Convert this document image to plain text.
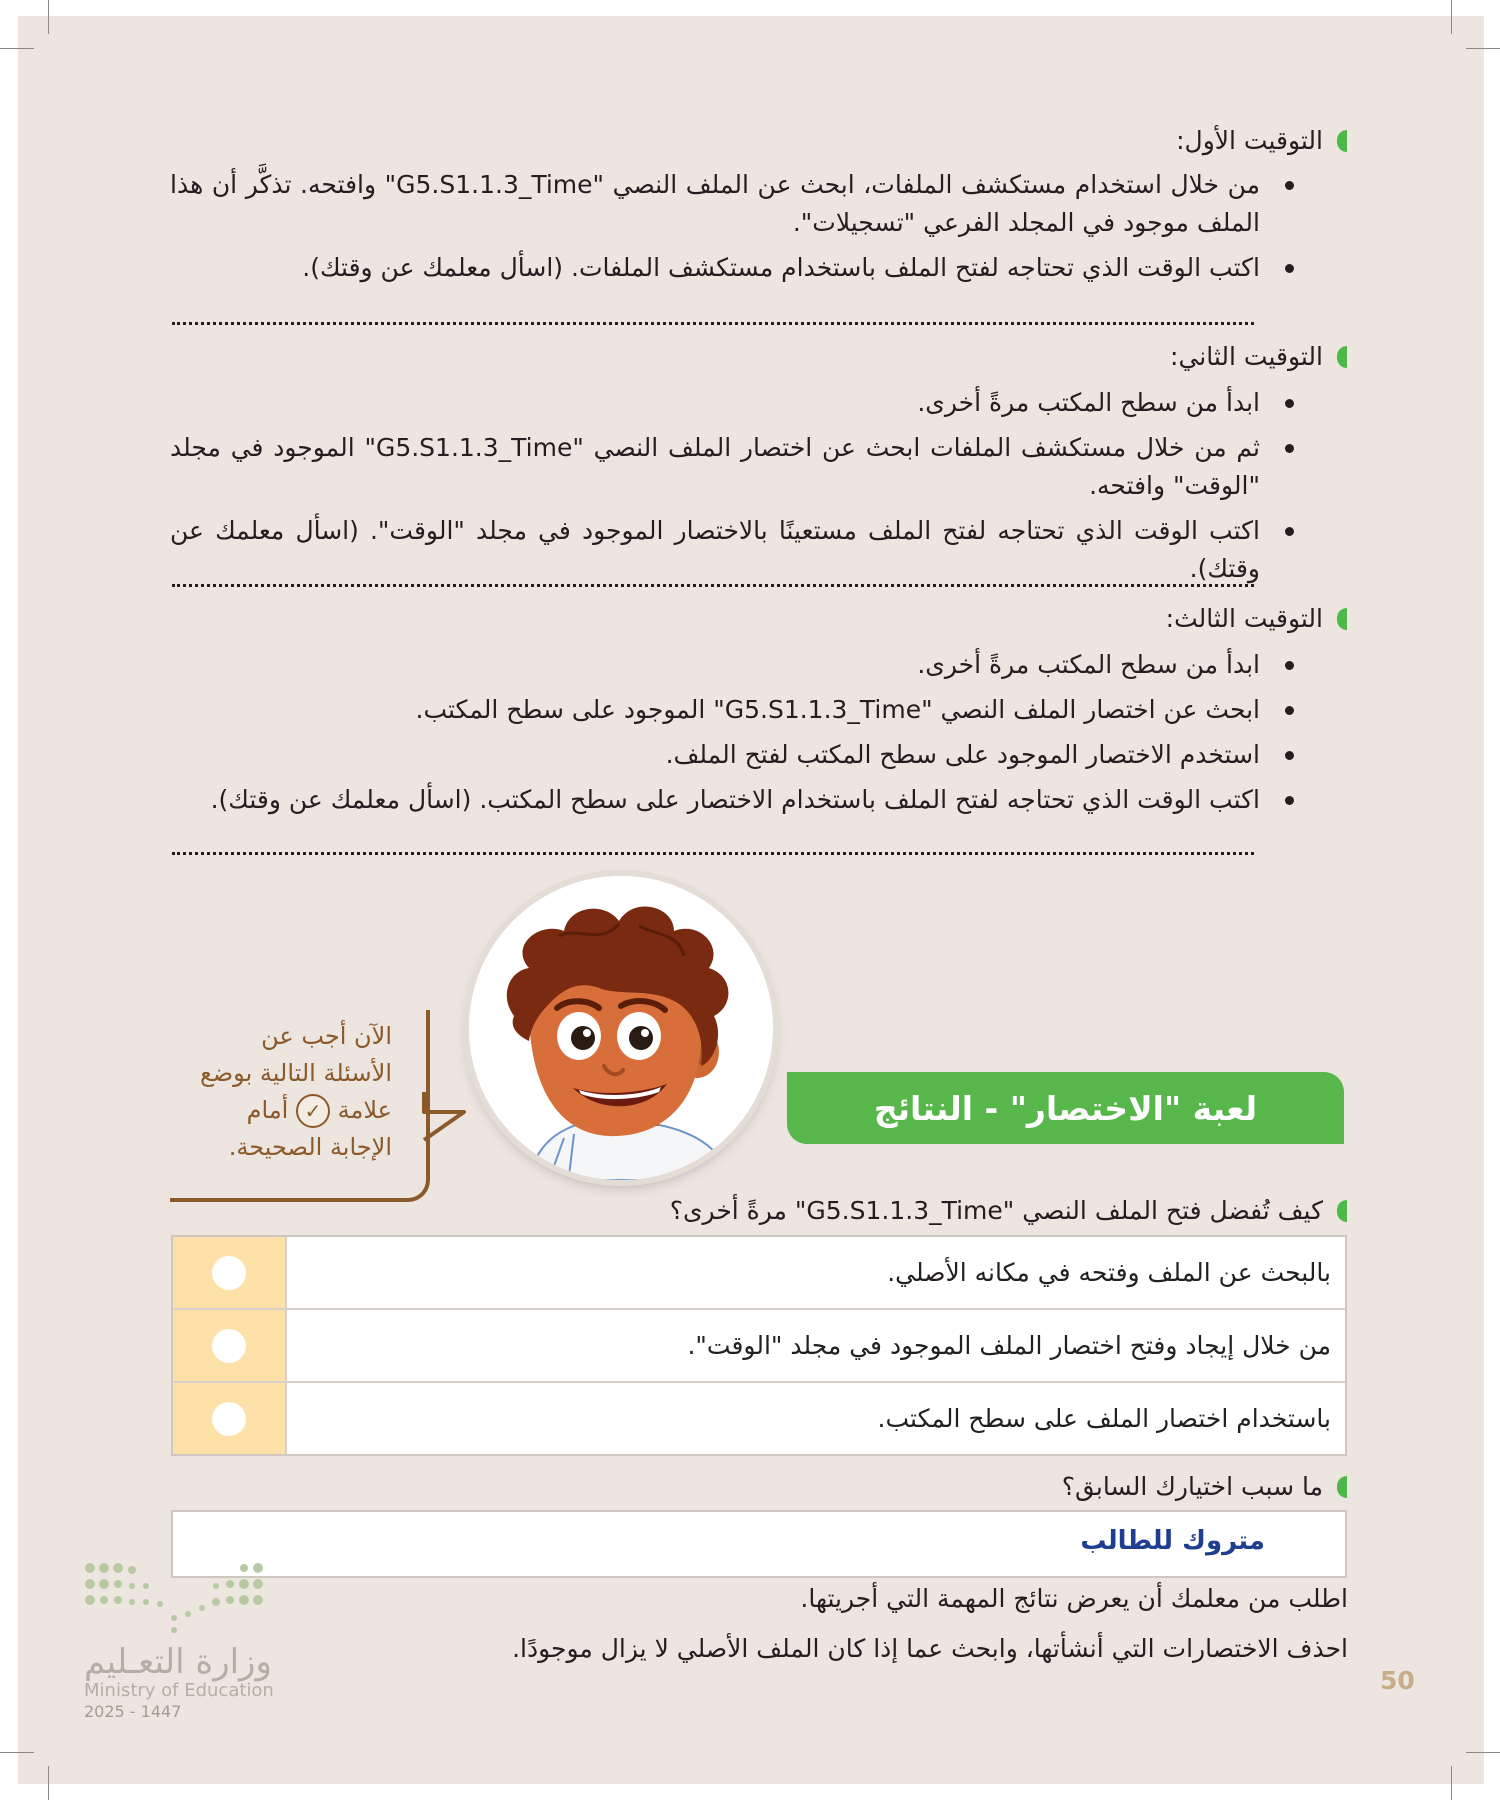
التوقيت الأول:
من خلال استخدام مستكشف الملفات، ابحث عن الملف النصي "G5.S1.1.3_Time" وافتحه. تذكَّر أن هذا الملف موجود في المجلد الفرعي "تسجيلات".
اكتب الوقت الذي تحتاجه لفتح الملف باستخدام مستكشف الملفات. (اسأل معلمك عن وقتك).
التوقيت الثاني:
ابدأ من سطح المكتب مرةً أخرى.
ثم من خلال مستكشف الملفات ابحث عن اختصار الملف النصي "G5.S1.1.3_Time" الموجود في مجلد "الوقت" وافتحه.
اكتب الوقت الذي تحتاجه لفتح الملف مستعينًا بالاختصار الموجود في مجلد "الوقت". (اسأل معلمك عن وقتك).
التوقيت الثالث:
ابدأ من سطح المكتب مرةً أخرى.
ابحث عن اختصار الملف النصي "G5.S1.1.3_Time" الموجود على سطح المكتب.
استخدم الاختصار الموجود على سطح المكتب لفتح الملف.
اكتب الوقت الذي تحتاجه لفتح الملف باستخدام الاختصار على سطح المكتب. (اسأل معلمك عن وقتك).
الآن أجب عن
الأسئلة التالية بوضع
علامة ✓ أمام
الإجابة الصحيحة.
لعبة "الاختصار" - النتائج
كيف تُفضل فتح الملف النصي "G5.S1.1.3_Time" مرةً أخرى؟
بالبحث عن الملف وفتحه في مكانه الأصلي.
من خلال إيجاد وفتح اختصار الملف الموجود في مجلد "الوقت".
باستخدام اختصار الملف على سطح المكتب.
ما سبب اختيارك السابق؟
متروك للطالب
اطلب من معلمك أن يعرض نتائج المهمة التي أجريتها.
احذف الاختصارات التي أنشأتها، وابحث عما إذا كان الملف الأصلي لا يزال موجودًا.
وزارة التعـليم
Ministry of Education
2025 - 1447
50
